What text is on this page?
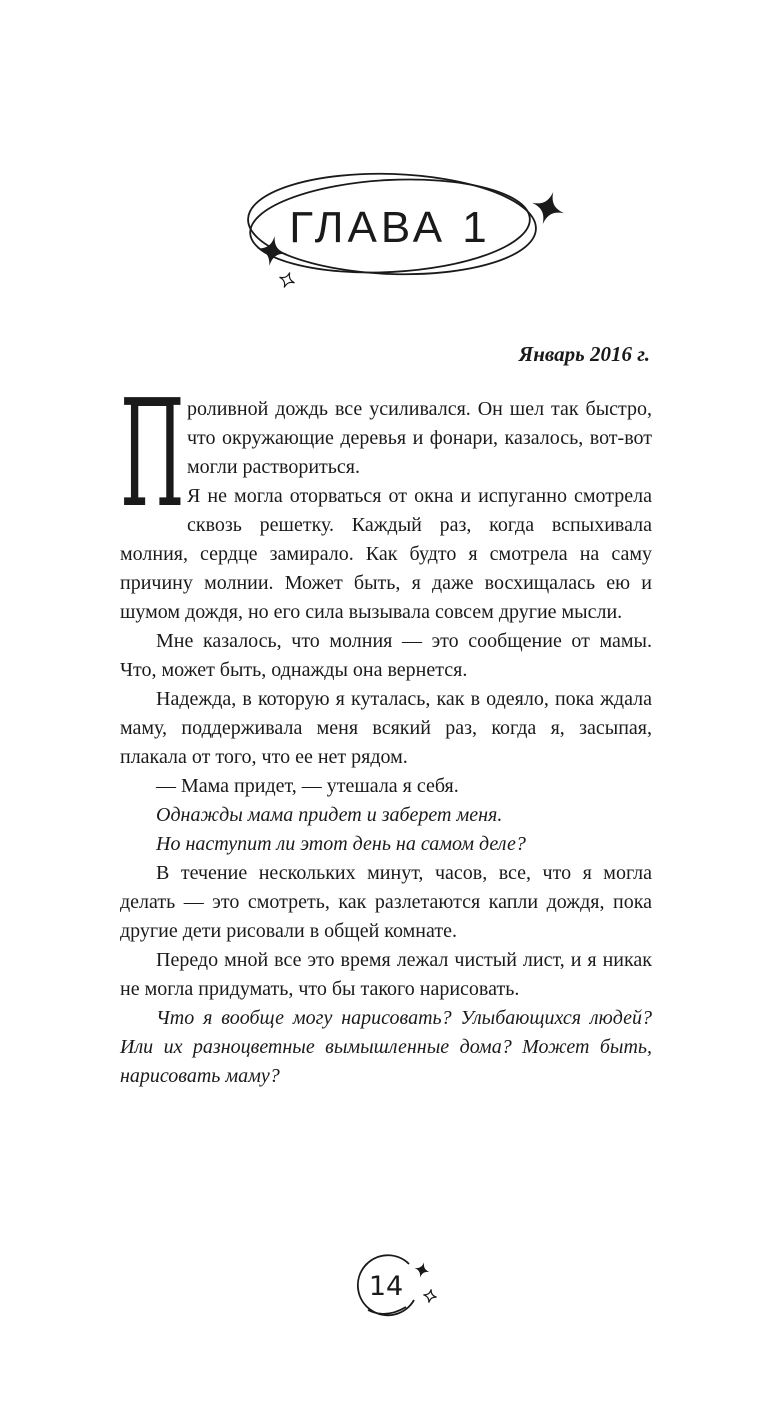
ГЛАВА 1
Январь 2016 г.

П роливной дождь все усиливался. Он шел так быстро, что окружающие деревья и фонари, казалось, вот-вот могли раствориться.

Я не могла оторваться от окна и испуганно смотрела сквозь решетку. Каждый раз, когда вспыхивала молния, сердце замирало. Как будто я смотрела на саму причину молнии. Может быть, я даже восхищалась ею и шумом дождя, но его сила вызывала совсем другие мысли.

Мне казалось, что молния — это сообщение от мамы. Что, может быть, однажды она вернется.

Надежда, в которую я куталась, как в одеяло, пока ждала маму, поддерживала меня всякий раз, когда я, засыпая, плакала от того, что ее нет рядом.

— Мама придет, — утешала я себя.

Однажды мама придет и заберет меня.

Но наступит ли этот день на самом деле?

В течение нескольких минут, часов, все, что я могла делать — это смотреть, как разлетаются капли дождя, пока другие дети рисовали в общей комнате.

Передо мной все это время лежал чистый лист, и я никак не могла придумать, что бы такого нарисовать.

Что я вообще могу нарисовать? Улыбающихся людей? Или их разноцветные вымышленные дома? Может быть, нарисовать маму?

14
